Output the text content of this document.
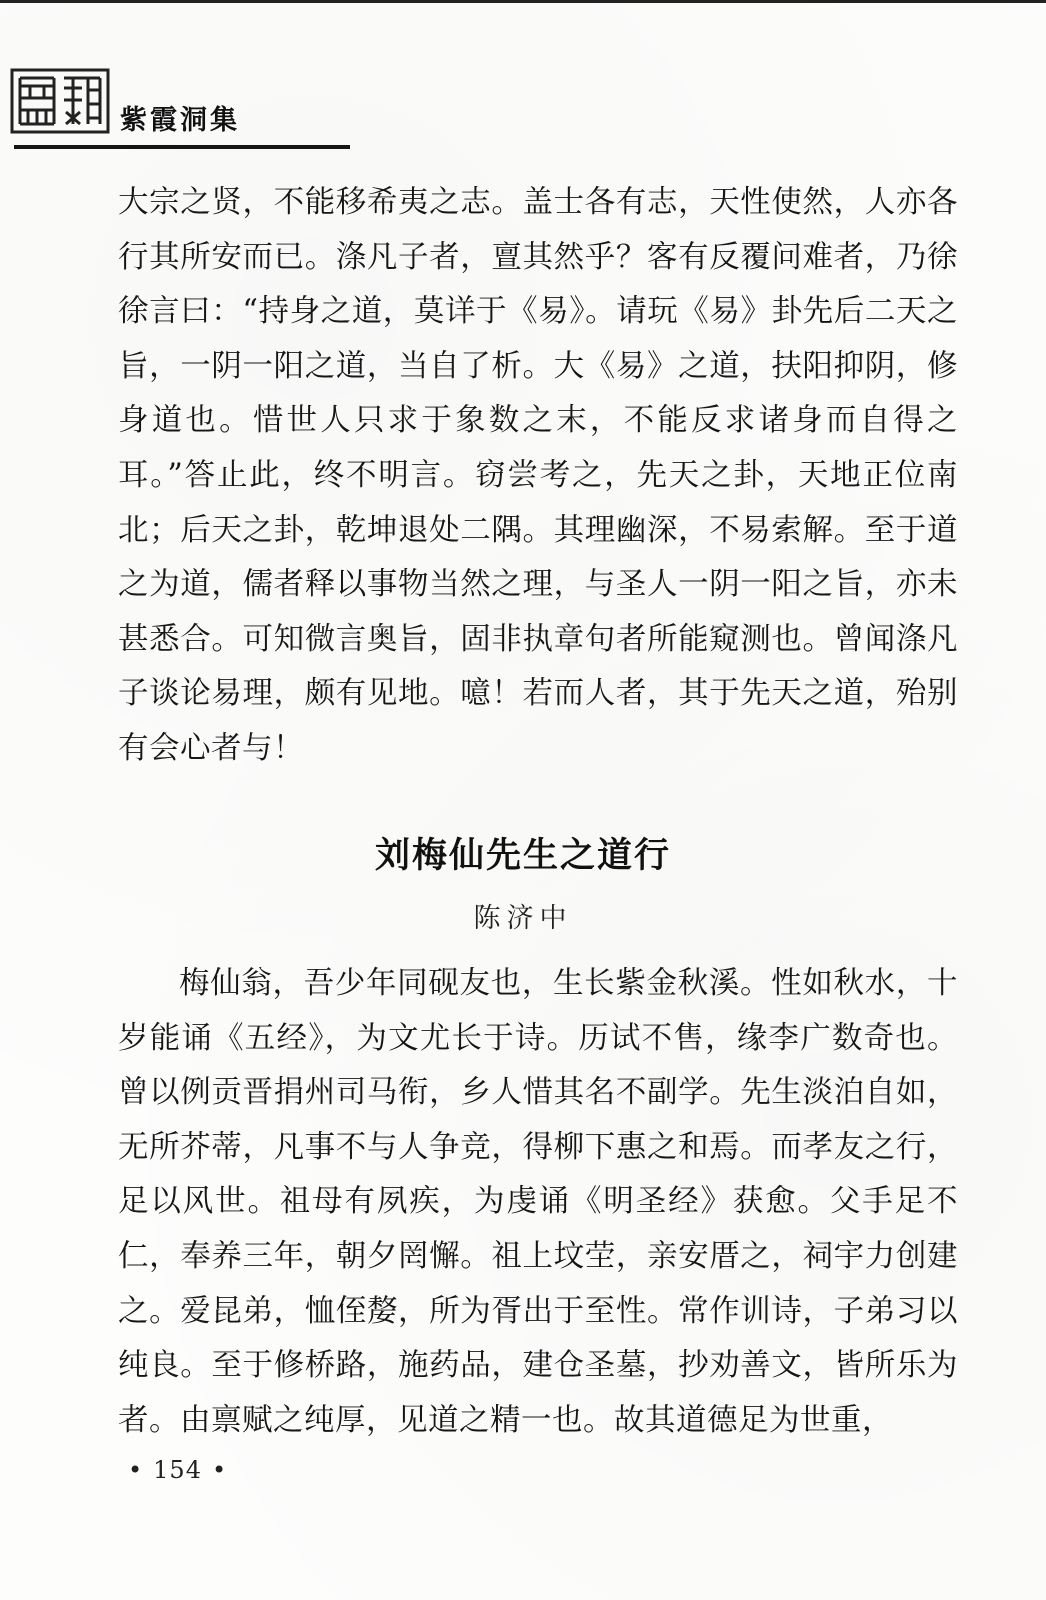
紫霞洞集

大宗之贤，不能移希夷之志。盖士各有志，天性使然，人亦各行其所安而已。涤凡子者，亶其然乎？客有反覆问难者，乃徐徐言曰：“持身之道，莫详于《易》。请玩《易》卦先后二天之旨，一阴一阳之道，当自了析。大《易》之道，扶阳抑阴，修身道也。惜世人只求于象数之末，不能反求诸身而自得之耳。”答止此，终不明言。窃尝考之，先天之卦，天地正位南北；后天之卦，乾坤退处二隅。其理幽深，不易索解。至于道之为道，儒者释以事物当然之理，与圣人一阴一阳之旨，亦未甚悉合。可知微言奥旨，固非执章句者所能窥测也。曾闻涤凡子谈论易理，颇有见地。噫！若而人者，其于先天之道，殆别有会心者与！

刘梅仙先生之道行
陈济中

梅仙翁，吾少年同砚友也，生长紫金秋溪。性如秋水，十岁能诵《五经》，为文尤长于诗。历试不售，缘李广数奇也。曾以例贡晋捐州司马衔，乡人惜其名不副学。先生淡泊自如，无所芥蒂，凡事不与人争竞，得柳下惠之和焉。而孝友之行，足以风世。祖母有夙疾，为虔诵《明圣经》获愈。父手足不仁，奉养三年，朝夕罔懈。祖上坟茔，亲安厝之，祠宇力创建之。爱昆弟，恤侄嫠，所为胥出于至性。常作训诗，子弟习以纯良。至于修桥路，施药品，建仓圣墓，抄劝善文，皆所乐为者。由禀赋之纯厚，见道之精一也。故其道德足为世重，

• 154 •
